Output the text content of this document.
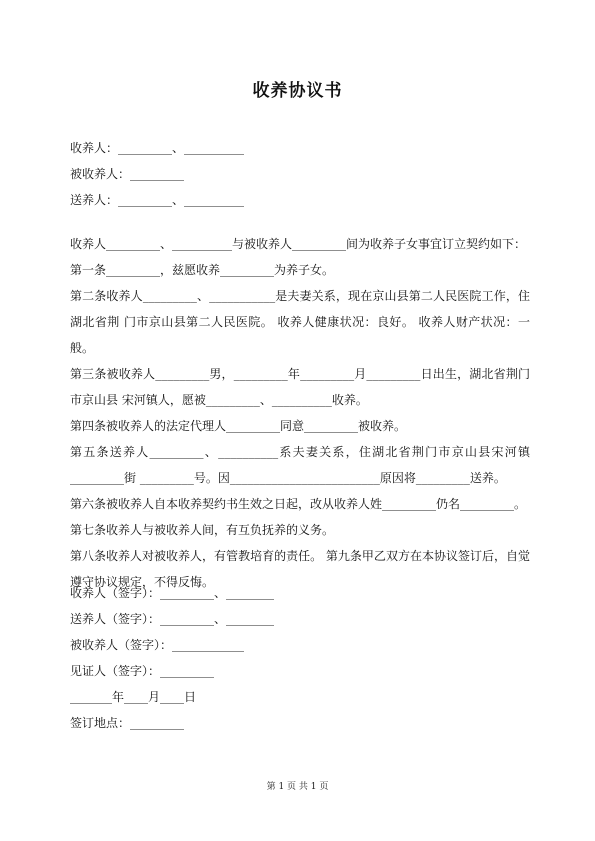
收养协议书
收养人：_________、__________
被收养人：_________
送养人：_________、__________
收养人_________、__________与被收养人_________间为收养子女事宜订立契约如下：
第一条_________，兹愿收养_________为养子女。
第二条收养人_________、___________是夫妻关系，现在京山县第二人民医院工作，住湖北省荆 门市京山县第二人民医院。 收养人健康状况：良好。 收养人财产状况：一般。
第三条被收养人_________男，_________年_________月_________日出生，湖北省荆门市京山县 宋河镇人，愿被_________、__________收养。
第四条被收养人的法定代理人_________同意_________被收养。
第五条送养人_________、__________系夫妻关系，住湖北省荆门市京山县宋河镇_________街 _________号。因_________________________原因将_________送养。
第六条被收养人自本收养契约书生效之日起，改从收养人姓_________仍名_________。
第七条收养人与被收养人间，有互负抚养的义务。
第八条收养人对被收养人，有管教培育的责任。 第九条甲乙双方在本协议签订后，自觉遵守协议规定，不得反悔。
收养人（签字）：_________、________
送养人（签字）：_________、________
被收养人（签字）：____________
见证人（签字）：_________
_______年____月____日
签订地点：_________
第 1 页 共 1 页
